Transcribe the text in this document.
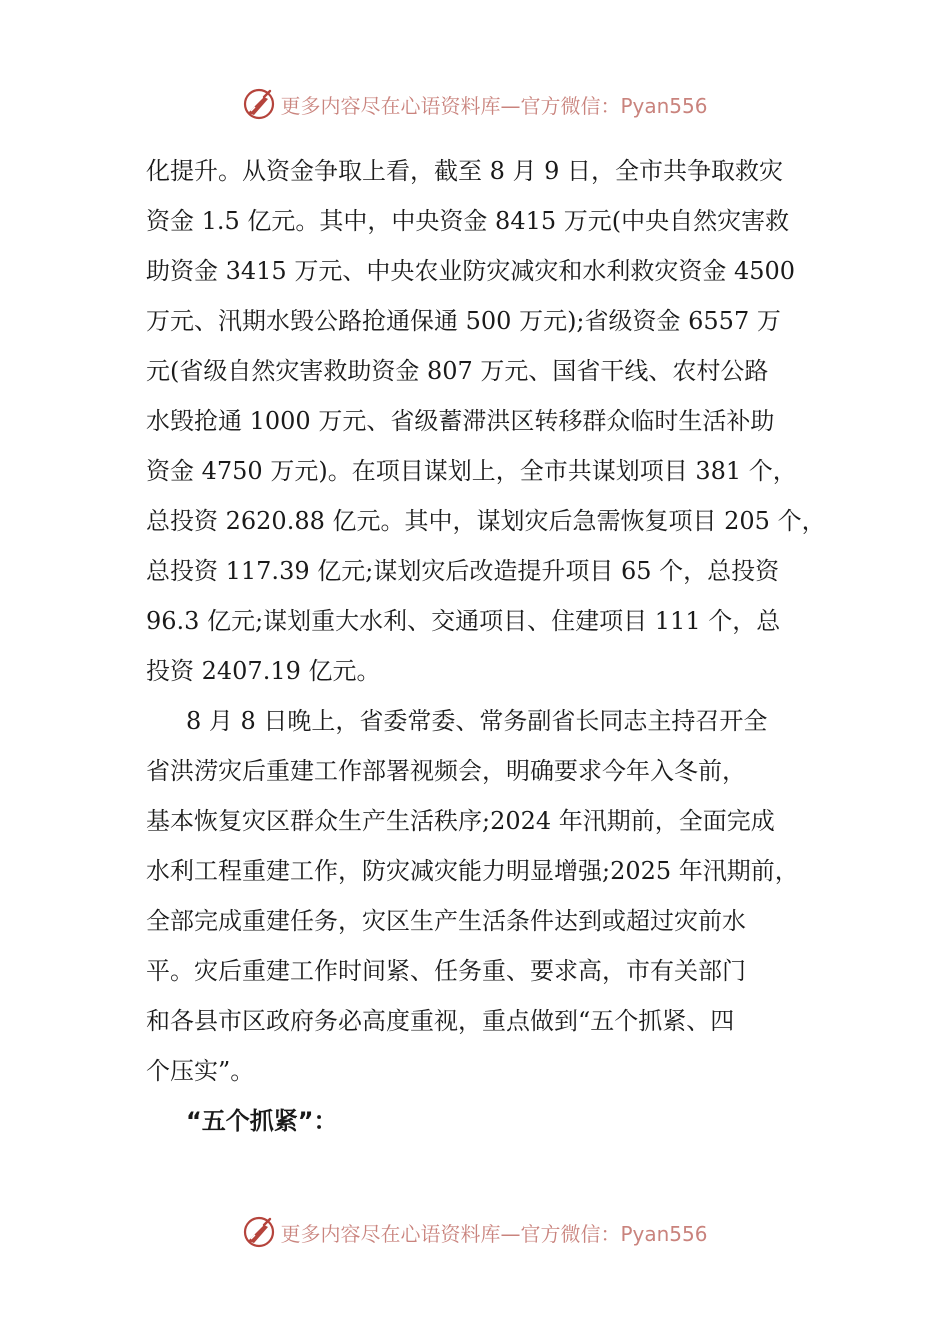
更多内容尽在心语资料库—官方微信：Pyan556
化提升。从资金争取上看，截至 8 月 9 日，全市共争取救灾
资金 1.5 亿元。其中，中央资金 8415 万元(中央自然灾害救
助资金 3415 万元、中央农业防灾减灾和水利救灾资金 4500
万元、汛期水毁公路抢通保通 500 万元);省级资金 6557 万
元(省级自然灾害救助资金 807 万元、国省干线、农村公路
水毁抢通 1000 万元、省级蓄滞洪区转移群众临时生活补助
资金 4750 万元)。在项目谋划上，全市共谋划项目 381 个，
总投资 2620.88 亿元。其中，谋划灾后急需恢复项目 205 个，
总投资 117.39 亿元;谋划灾后改造提升项目 65 个，总投资
96.3 亿元;谋划重大水利、交通项目、住建项目 111 个，总
投资 2407.19 亿元。
8 月 8 日晚上，省委常委、常务副省长同志主持召开全
省洪涝灾后重建工作部署视频会，明确要求今年入冬前，
基本恢复灾区群众生产生活秩序;2024 年汛期前，全面完成
水利工程重建工作，防灾减灾能力明显增强;2025 年汛期前，
全部完成重建任务，灾区生产生活条件达到或超过灾前水
平。灾后重建工作时间紧、任务重、要求高，市有关部门
和各县市区政府务必高度重视，重点做到“五个抓紧、四
个压实”。

“五个抓紧”：

更多内容尽在心语资料库—官方微信：Pyan556
